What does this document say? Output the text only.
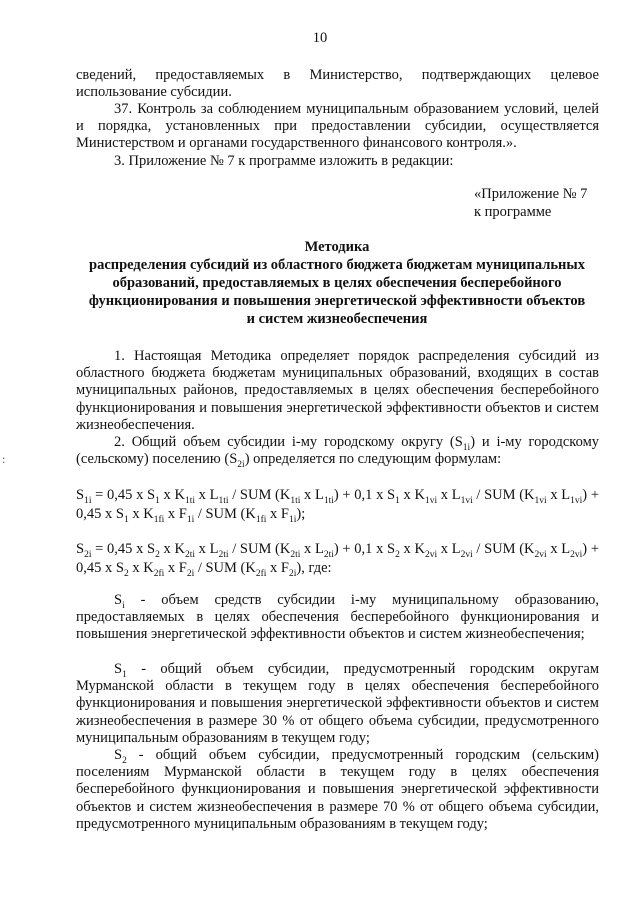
10
сведений, предоставляемых в Министерство, подтверждающих целевое
использование субсидии.
37. Контроль за соблюдением муниципальным образованием условий, целей и порядка, установленных при предоставлении субсидии, осуществляется Министерством и органами государственного финансового контроля.».
3. Приложение № 7 к программе изложить в редакции:
«Приложение № 7
к программе
Методика
распределения субсидий из областного бюджета бюджетам муниципальных
образований, предоставляемых в целях обеспечения бесперебойного
функционирования и повышения энергетической эффективности объектов
и систем жизнеобеспечения
1. Настоящая Методика определяет порядок распределения субсидий из областного бюджета бюджетам муниципальных образований, входящих в состав муниципальных районов, предоставляемых в целях обеспечения бесперебойного функционирования и повышения энергетической эффективности объектов и систем жизнеобеспечения.
2. Общий объем субсидии i-му городскому округу $(S_{1i})$ и i-му городскому (сельскому) поселению $(S_{2i})$ определяется по следующим формулам:
$S_{1i} = 0,45$ x $S_1$ x $K_{1ti}$ x $L_{1ti}$ / SUM ($K_{1ti}$ x $L_{1ti}) + 0,1$ x $S_1$ x $K_{1vi}$ x $L_{1vi}$ / SUM ($K_{1vi}$ x $L_{1vi}) + 0,45$ x $S_1$ x $K_{1fi}$ x $F_{1i}$ / SUM ($K_{1fi}$ x $F_{1i}$);
$S_{2i} = 0,45$ x $S_2$ x $K_{2ti}$ x $L_{2ti}$ / SUM ($K_{2ti}$ x $L_{2ti}) + 0,1$ x $S_2$ x $K_{2vi}$ x $L_{2vi}$ / SUM ($K_{2vi}$ x $L_{2vi}) + 0,45$ x $S_2$ x $K_{2fi}$ x $F_{2i}$ / SUM ($K_{2fi}$ x $F_{2i}$), где:
$S_i$ - объем средств субсидии i-му муниципальному образованию, предоставляемых в целях обеспечения бесперебойного функционирования и повышения энергетической эффективности объектов и систем жизнеобеспечения;
$S_1$ - общий объем субсидии, предусмотренный городским округам Мурманской области в текущем году в целях обеспечения бесперебойного функционирования и повышения энергетической эффективности объектов и систем жизнеобеспечения в размере 30 % от общего объема субсидии, предусмотренного муниципальным образованиям в текущем году;
$S_2$ - общий объем субсидии, предусмотренный городским (сельским) поселениям Мурманской области в текущем году в целях обеспечения бесперебойного функционирования и повышения энергетической эффективности объектов и систем жизнеобеспечения в размере 70 % от общего объема субсидии, предусмотренного муниципальным образованиям в текущем году;
:
